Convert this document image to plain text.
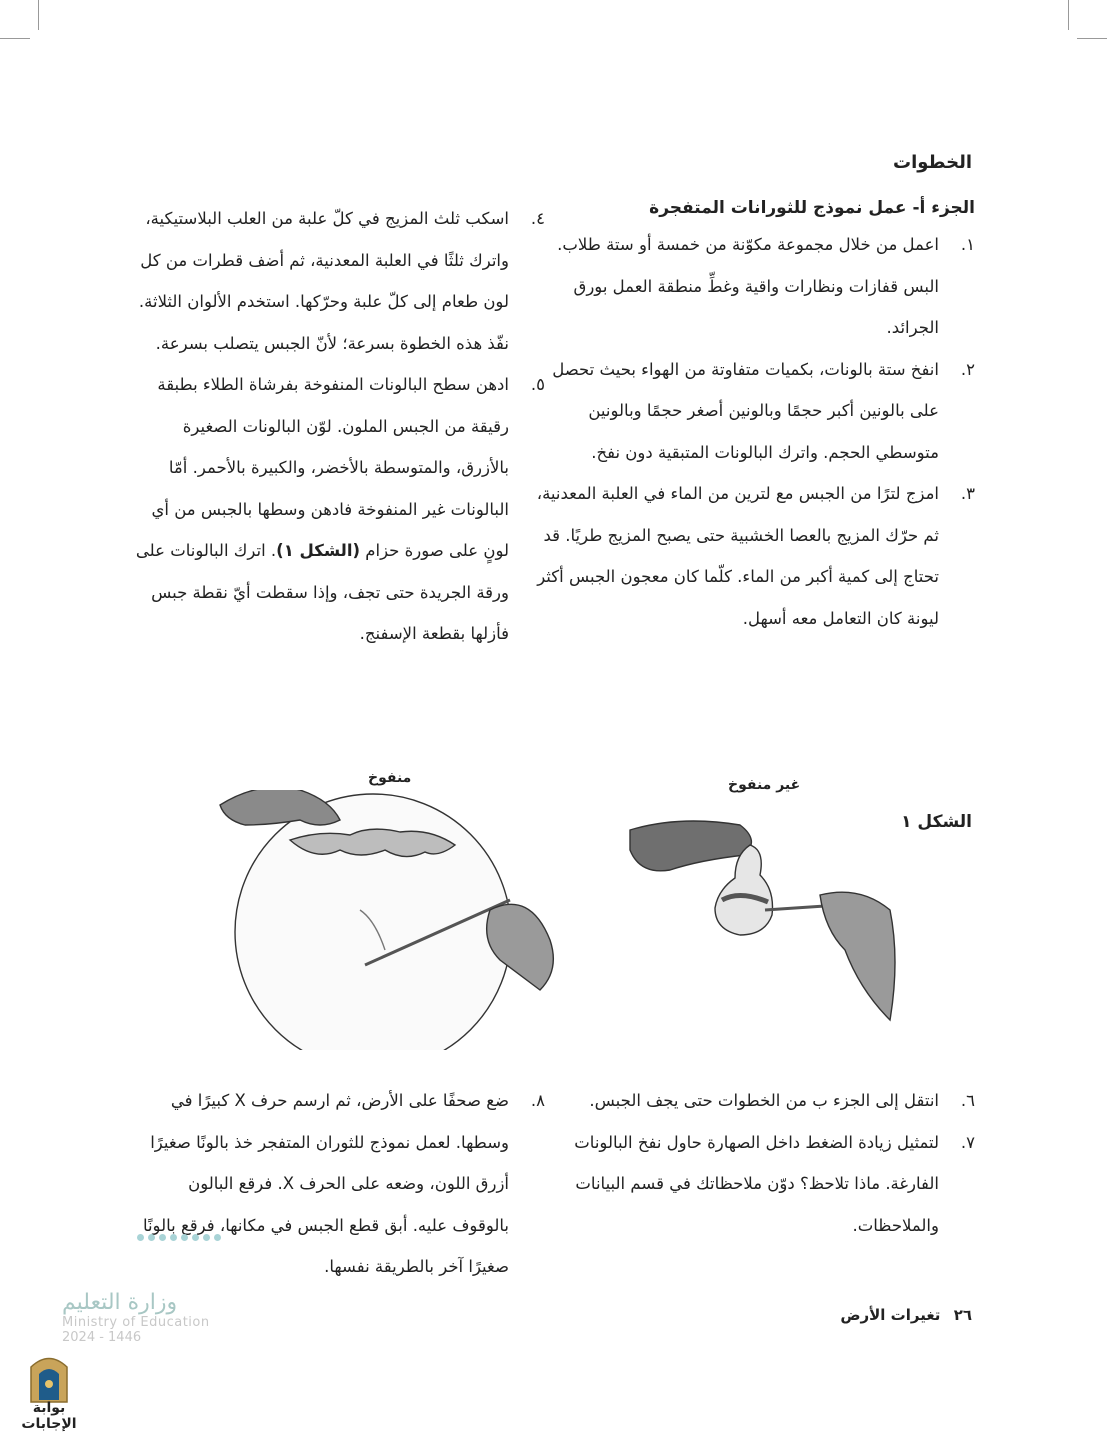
الخطوات
الجزء أ- عمل نموذج للثورانات المتفجرة
١.
اعمل من خلال مجموعة مكوّنة من خمسة أو ستة طلاب. البس قفازات ونظارات واقية وغطِّ منطقة العمل بورق الجرائد.
٢.
انفخ ستة بالونات، بكميات متفاوتة من الهواء بحيث تحصل على بالونين أكبر حجمًا وبالونين أصغر حجمًا وبالونين متوسطي الحجم. واترك البالونات المتبقية دون نفخ.
٣.
امزج لترًا من الجبس مع لترين من الماء في العلبة المعدنية، ثم حرّك المزيج بالعصا الخشبية حتى يصبح المزيج طريًا. قد تحتاج إلى كمية أكبر من الماء. كلّما كان معجون الجبس أكثر ليونة كان التعامل معه أسهل.
٤.
اسكب ثلث المزيج في كلّ علبة من العلب البلاستيكية، واترك ثلثًا في العلبة المعدنية، ثم أضف قطرات من كل لون طعام إلى كلّ علبة وحرّكها. استخدم الألوان الثلاثة. نفّذ هذه الخطوة بسرعة؛ لأنّ الجبس يتصلب بسرعة.
٥.
ادهن سطح البالونات المنفوخة بفرشاة الطلاء بطبقة رقيقة من الجبس الملون. لوّن البالونات الصغيرة بالأزرق، والمتوسطة بالأخضر، والكبيرة بالأحمر. أمّا البالونات غير المنفوخة فادهن وسطها بالجبس من أي لونٍ على صورة حزام (الشكل ١). اترك البالونات على ورقة الجريدة حتى تجف، وإذا سقطت أيّ نقطة جبس فأزلها بقطعة الإسفنج.
الشكل ١
غير منفوخ
منفوخ
٦.
انتقل إلى الجزء ب من الخطوات حتى يجف الجبس.
٧.
لتمثيل زيادة الضغط داخل الصهارة حاول نفخ البالونات الفارغة. ماذا تلاحظ؟ دوّن ملاحظاتك في قسم البيانات والملاحظات.
٨.
ضع صحفًا على الأرض، ثم ارسم حرف X كبيرًا في وسطها. لعمل نموذج للثوران المتفجر خذ بالونًا صغيرًا أزرق اللون، وضعه على الحرف X. فرقع البالون بالوقوف عليه. أبق قطع الجبس في مكانها، فرقع بالونًا صغيرًا آخر بالطريقة نفسها.
٢٦ تغيرات الأرض
وزارة التعليم
Ministry of Education
2024 - 1446
بوابة الإجابات
